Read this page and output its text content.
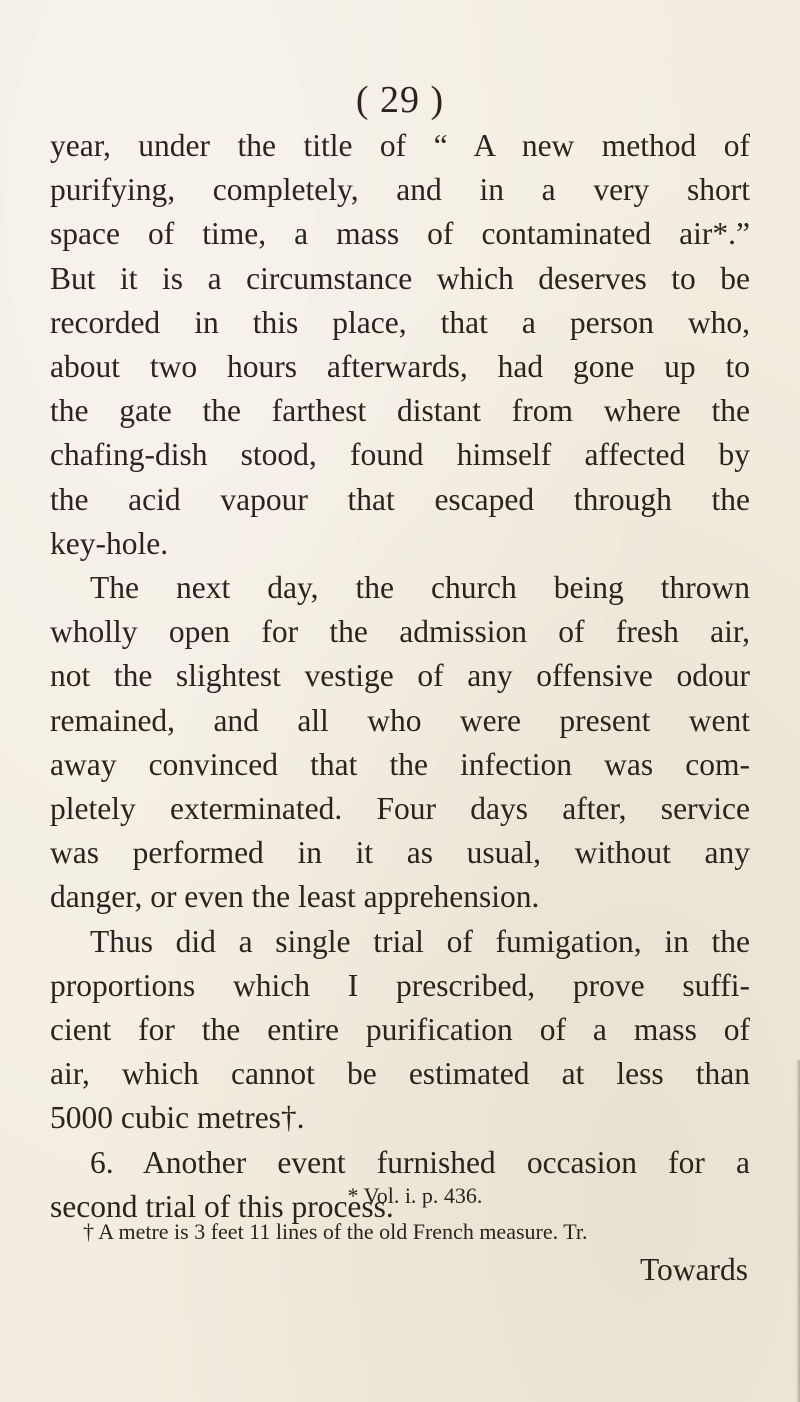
( 29 )

year, under the title of “ A new method of
purifying, completely, and in a very short
space of time, a mass of contaminated air*.”
But it is a circumstance which deserves to be
recorded in this place, that a person who,
about two hours afterwards, had gone up to
the gate the farthest distant from where the
chafing-dish stood, found himself affected by
the acid vapour that escaped through the
key-hole.

The next day, the church being thrown
wholly open for the admission of fresh air,
not the slightest vestige of any offensive odour
remained, and all who were present went
away convinced that the infection was com-
pletely exterminated. Four days after, service
was performed in it as usual, without any
danger, or even the least apprehension.

Thus did a single trial of fumigation, in the
proportions which I prescribed, prove suffi-
cient for the entire purification of a mass of
air, which cannot be estimated at less than
5000 cubic metres†.

6. Another event furnished occasion for a
second trial of this process.

* Vol. i. p. 436.
† A metre is 3 feet 11 lines of the old French measure. Tr.
Towards
